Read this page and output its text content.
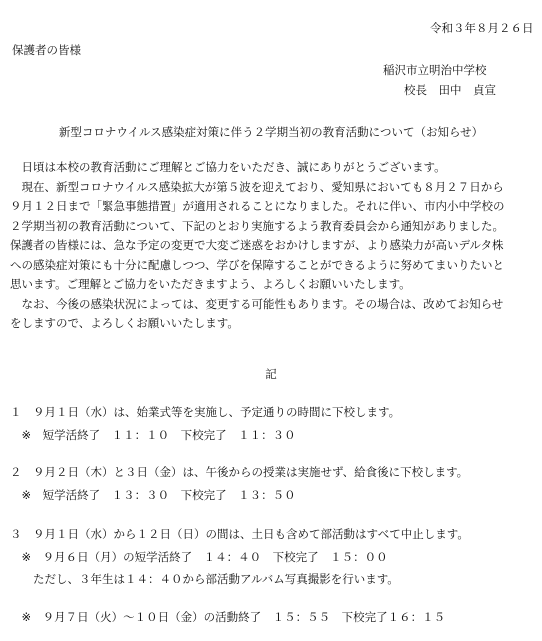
令和３年８月２６日
保護者の皆様
稲沢市立明治中学校
校長　田中　貞宣
新型コロナウイルス感染症対策に伴う２学期当初の教育活動について（お知らせ）
　日頃は本校の教育活動にご理解とご協力をいただき、誠にありがとうございます。
　現在、新型コロナウイルス感染拡大が第５波を迎えており、愛知県においても８月２７日から
９月１２日まで「緊急事態措置」が適用されることになりました。それに伴い、市内小中学校の
２学期当初の教育活動について、下記のとおり実施するよう教育委員会から通知がありました。
保護者の皆様には、急な予定の変更で大変ご迷惑をおかけしますが、より感染力が高いデルタ株
への感染症対策にも十分に配慮しつつ、学びを保障することができるように努めてまいりたいと
思います。ご理解とご協力をいただきますよう、よろしくお願いいたします。
　なお、今後の感染状況によっては、変更する可能性もあります。その場合は、改めてお知らせ
をしますので、よろしくお願いいたします。
記
１　９月１日（水）は、始業式等を実施し、予定通りの時間に下校します。
　※　短学活終了　１１：１０　下校完了　１１：３０
２　９月２日（木）と３日（金）は、午後からの授業は実施せず、給食後に下校します。
　※　短学活終了　１３：３０　下校完了　１３：５０
３　９月１日（水）から１２日（日）の間は、土日も含めて部活動はすべて中止します。
　※　９月６日（月）の短学活終了　１４：４０　下校完了　１５：００
　　ただし、３年生は１４：４０から部活動アルバム写真撮影を行います。
　※　９月７日（火）～１０日（金）の活動終了　１５：５５　下校完了１６：１５
